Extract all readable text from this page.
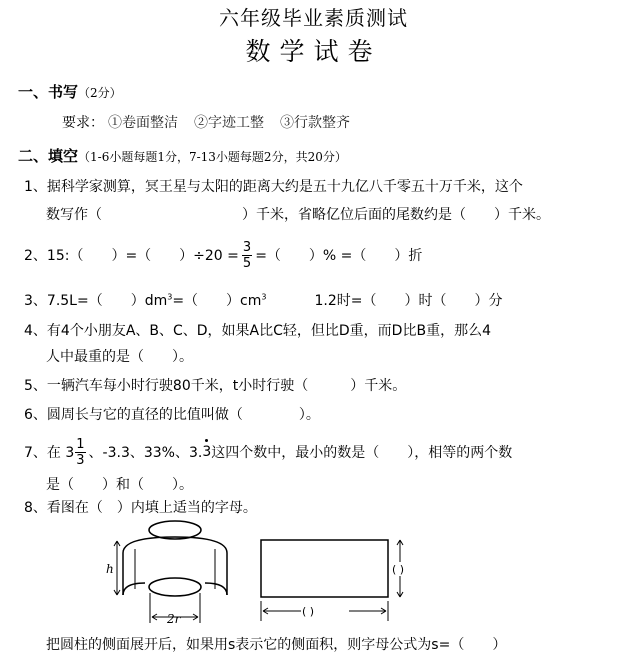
六年级毕业素质测试
数学试卷
一、书写（2分）
要求： ①卷面整洁 ②字迹工整 ③行款整齐
二、填空（1-6小题每题1分，7-13小题每题2分，共20分）
1、据科学家测算，冥王星与太阳的距离大约是五十九亿八千零五十万千米，这个
数写作（　　　　　　　　　　）千米，省略亿位后面的尾数约是（　　）千米。
2、15:（　　）=（　　）$\div 20 = \frac{3}{5}$ =（　　）% =（　　）折
3、7.5L=（　　）$dm^3=$（　　）$cm^3$	1.2时=（　　）时（　　）分
4、有4个小朋友A、B、C、D，如果A比C轻，但比D重，而D比B重，那么4
人中最重的是（　　）。
5、一辆汽车每小时行驶80千米，t小时行驶（　　　）千米。
6、圆周长与它的直径的比值叫做（　　　　）。
7、在 $3 \frac{1}{3}$ 、-3.3、33%、3. 3 这四个数中，最小的数是（　　），相等的两个数
是（　　）和（　　）。
8、看图在（　）内填上适当的字母。
h
2r
( )
( )
把圆柱的侧面展开后，如果用s表示它的侧面积，则字母公式为s=（　　）
